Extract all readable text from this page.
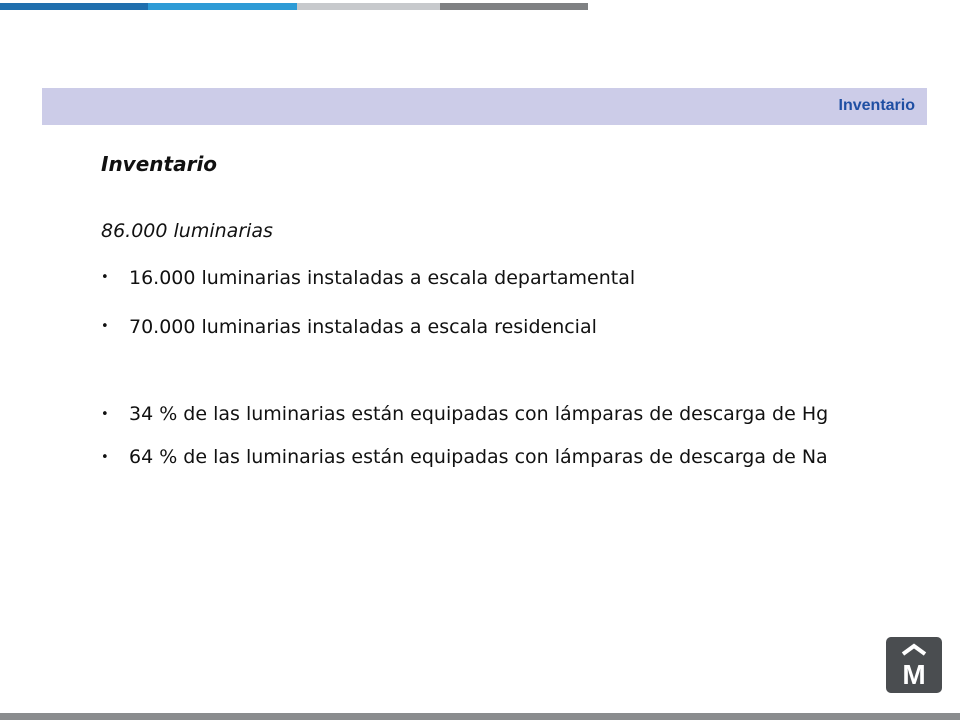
Inventario
Inventario
86.000 luminarias
• 16.000 luminarias instaladas a escala departamental
• 70.000 luminarias instaladas a escala residencial
• 34 % de las luminarias están equipadas con lámparas de descarga de Hg
• 64 % de las luminarias están equipadas con lámparas de descarga de Na
M
